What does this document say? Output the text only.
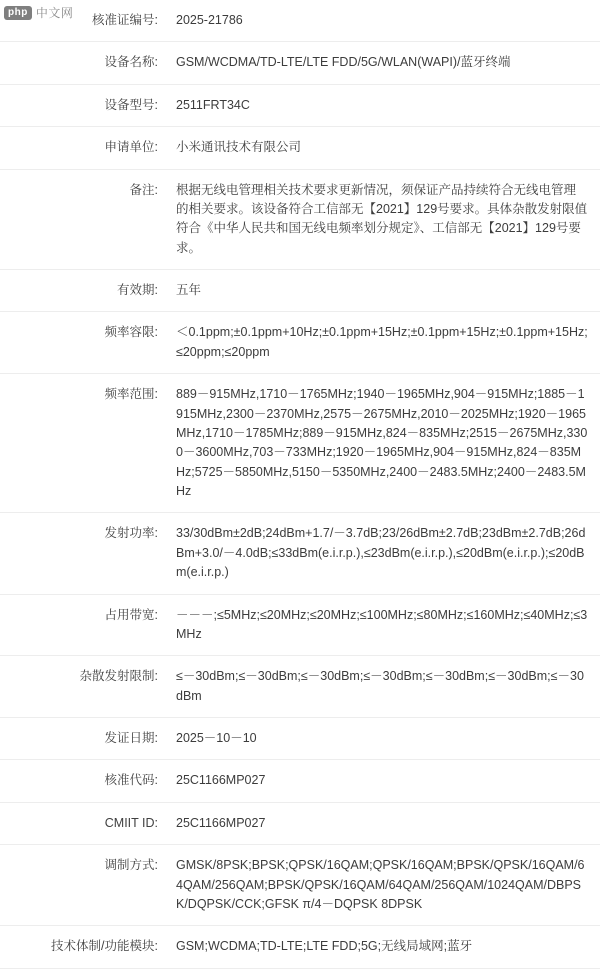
php 中文网 核准证编号:	2025-21786
设备名称:	GSM/WCDMA/TD-LTE/LTE FDD/5G/WLAN(WAPI)/蓝牙终端
设备型号:	2511FRT34C
申请单位:	小米通讯技术有限公司
备注:	根据无线电管理相关技术要求更新情况，须保证产品持续符合无线电管理的相关要求。该设备符合工信部无【2021】129号要求。具体杂散发射限值符合《中华人民共和国无线电频率划分规定》、工信部无【2021】129号要求。
有效期:	五年
频率容限:	＜0.1ppm;±0.1ppm+10Hz;±0.1ppm+15Hz;±0.1ppm+15Hz;±0.1ppm+15Hz;≤20ppm;≤20ppm
频率范围:	889－915MHz,1710－1765MHz;1940－1965MHz,904－915MHz;1885－1915MHz,2300－2370MHz,2575－2675MHz,2010－2025MHz;1920－1965MHz,1710－1785MHz;889－915MHz,824－835MHz;2515－2675MHz,3300－3600MHz,703－733MHz;1920－1965MHz,904－915MHz,824－835MHz;5725－5850MHz,5150－5350MHz,2400－2483.5MHz;2400－2483.5MHz
发射功率:	33/30dBm±2dB;24dBm+1.7/－3.7dB;23/26dBm±2.7dB;23dBm±2.7dB;26dBm+3.0/－4.0dB;≤33dBm(e.i.r.p.),≤23dBm(e.i.r.p.),≤20dBm(e.i.r.p.);≤20dBm(e.i.r.p.)
占用带宽:	－－－;≤5MHz;≤20MHz;≤20MHz;≤100MHz;≤80MHz;≤160MHz;≤40MHz;≤3MHz
杂散发射限制:	≤－30dBm;≤－30dBm;≤－30dBm;≤－30dBm;≤－30dBm;≤－30dBm;≤－30dBm
发证日期:	2025－10－10
核准代码:	25C1166MP027
CMIIT ID:	25C1166MP027
调制方式:	GMSK/8PSK;BPSK;QPSK/16QAM;QPSK/16QAM;BPSK/QPSK/16QAM/64QAM/256QAM;BPSK/QPSK/16QAM/64QAM/256QAM/1024QAM/DBPSK/DQPSK/CCK;GFSK π/4－DQPSK 8DPSK
技术体制/功能模块:	GSM;WCDMA;TD-LTE;LTE FDD;5G;无线局域网;蓝牙
